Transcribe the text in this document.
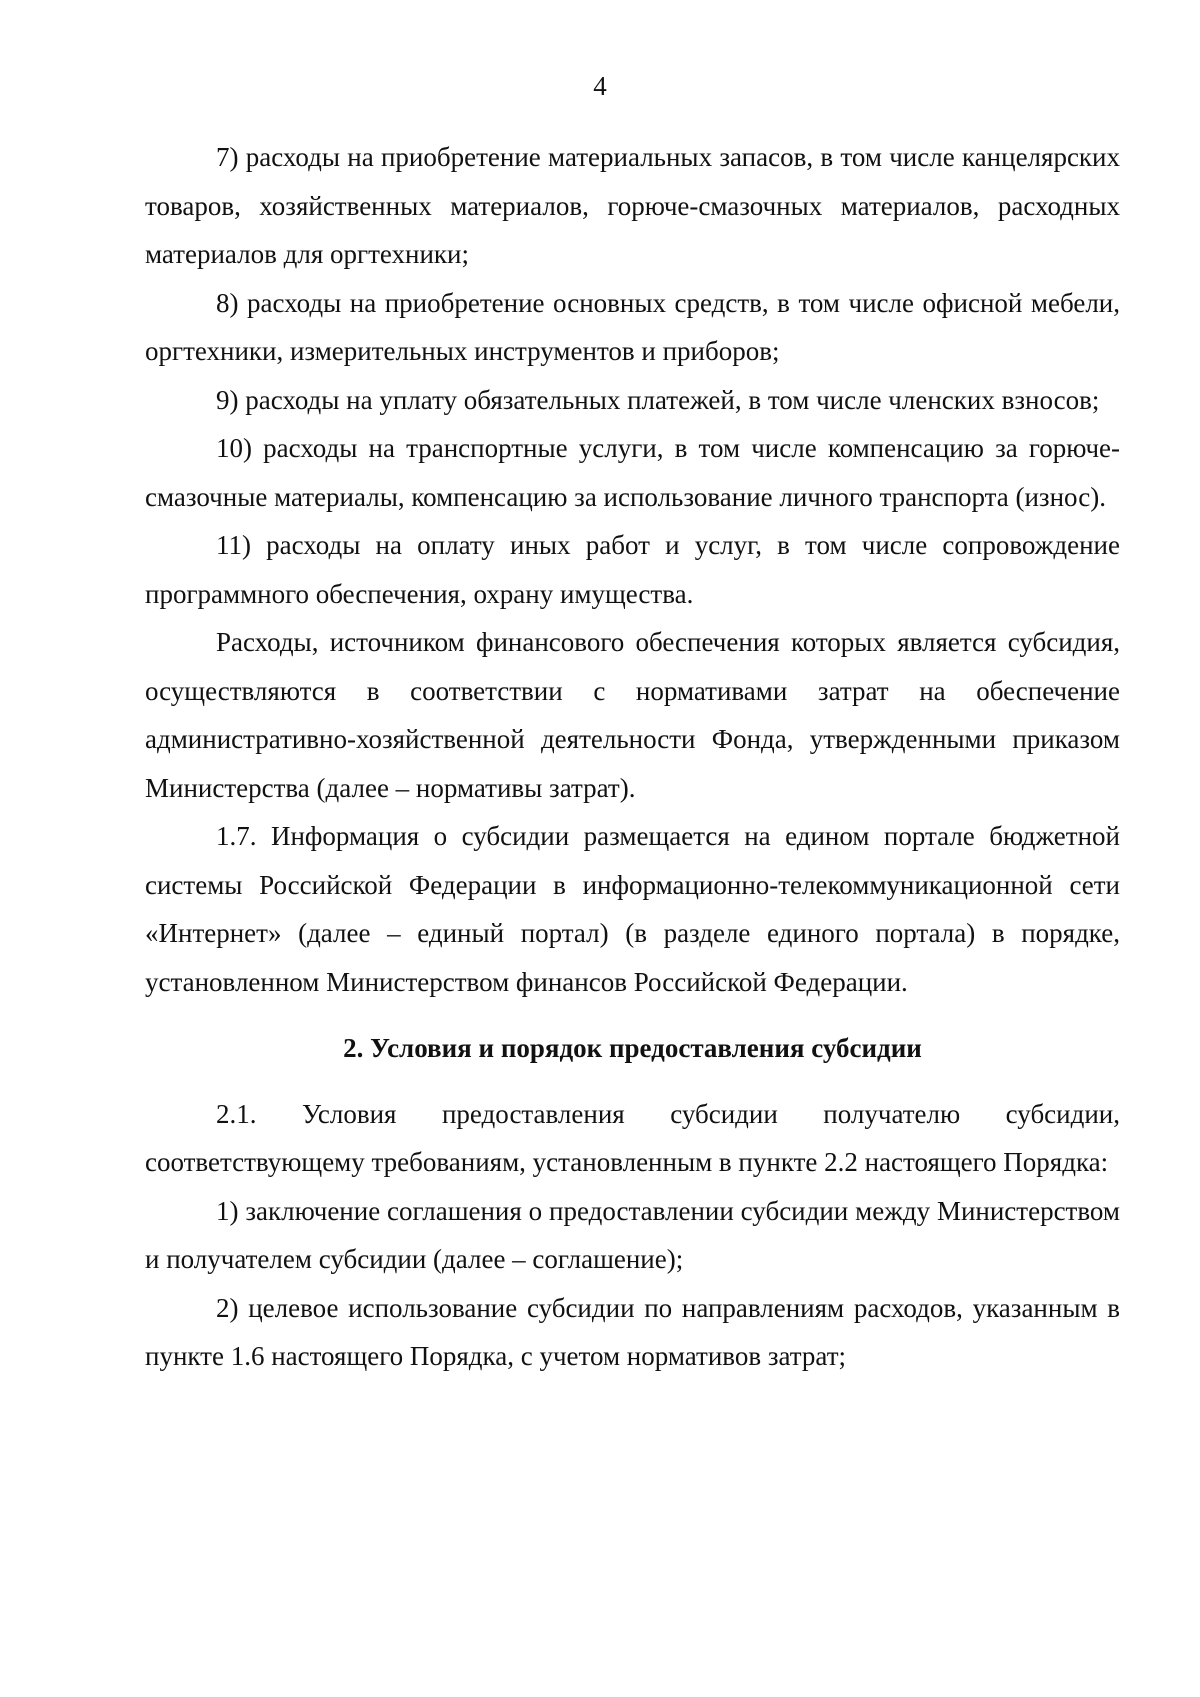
4

7) расходы на приобретение материальных запасов, в том числе канцелярских товаров, хозяйственных материалов, горюче-смазочных материалов, расходных материалов для оргтехники;

8) расходы на приобретение основных средств, в том числе офисной мебели, оргтехники, измерительных инструментов и приборов;

9) расходы на уплату обязательных платежей, в том числе членских взносов;

10) расходы на транспортные услуги, в том числе компенсацию за горюче-смазочные материалы, компенсацию за использование личного транспорта (износ).

11) расходы на оплату иных работ и услуг, в том числе сопровождение программного обеспечения, охрану имущества.

Расходы, источником финансового обеспечения которых является субсидия, осуществляются в соответствии с нормативами затрат на обеспечение административно-хозяйственной деятельности Фонда, утвержденными приказом Министерства (далее – нормативы затрат).

1.7. Информация о субсидии размещается на едином портале бюджетной системы Российской Федерации в информационно-телекоммуникационной сети «Интернет» (далее – единый портал) (в разделе единого портала) в порядке, установленном Министерством финансов Российской Федерации.

2. Условия и порядок предоставления субсидии

2.1. Условия предоставления субсидии получателю субсидии, соответствующему требованиям, установленным в пункте 2.2 настоящего Порядка:

1) заключение соглашения о предоставлении субсидии между Министерством и получателем субсидии (далее – соглашение);

2) целевое использование субсидии по направлениям расходов, указанным в пункте 1.6 настоящего Порядка, с учетом нормативов затрат;
